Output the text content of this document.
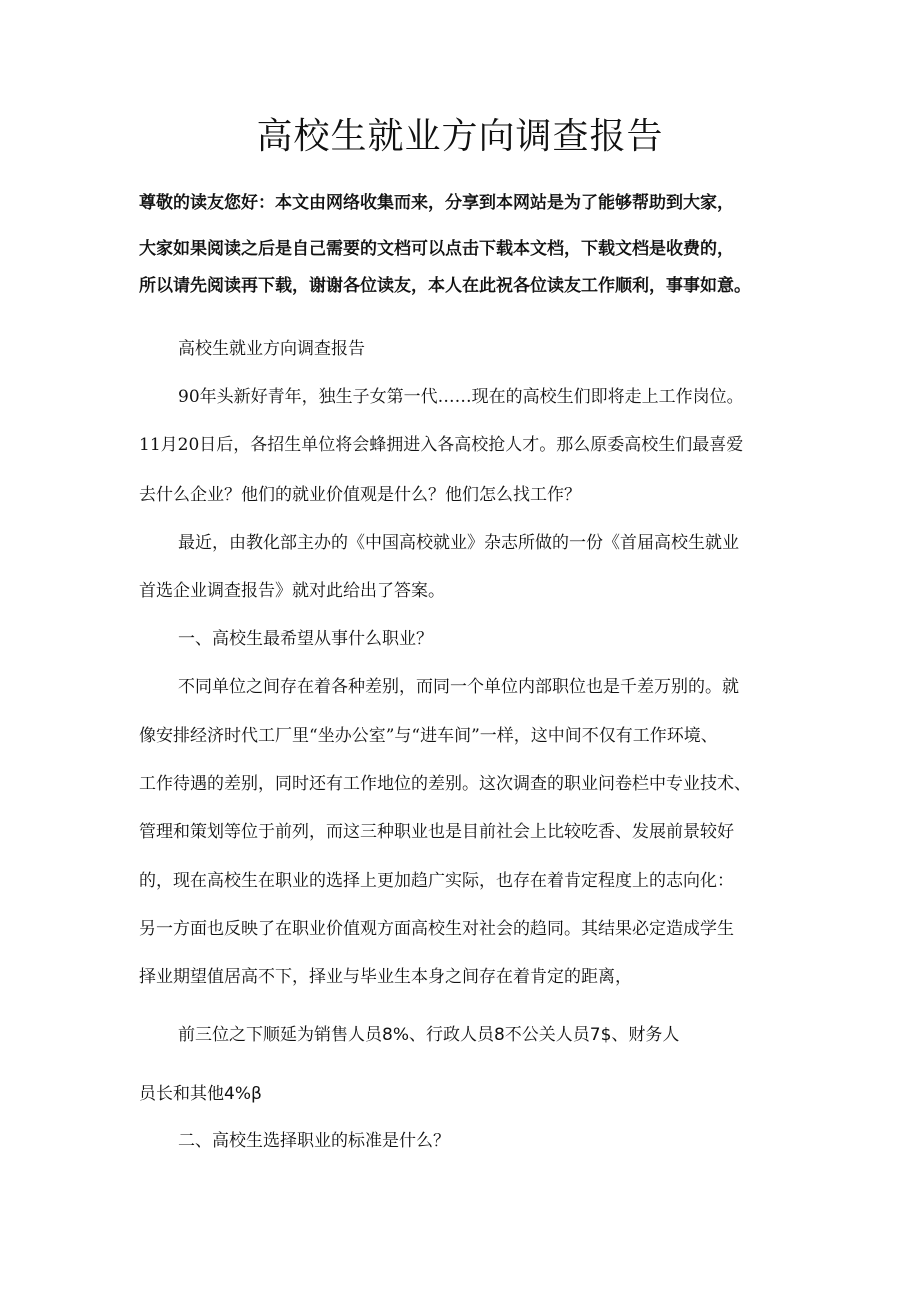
高校生就业方向调查报告

尊敬的读友您好：本文由网络收集而来，分享到本网站是为了能够帮助到大家，

大家如果阅读之后是自己需要的文档可以点击下载本文档，下载文档是收费的，

所以请先阅读再下载，谢谢各位读友，本人在此祝各位读友工作顺利，事事如意。

高校生就业方向调查报告

90年头新好青年，独生子女第一代……现在的高校生们即将走上工作岗位。

11月20日后，各招生单位将会蜂拥进入各高校抢人才。那么原委高校生们最喜爱

去什么企业？他们的就业价值观是什么？他们怎么找工作？

最近，由教化部主办的《中国高校就业》杂志所做的一份《首届高校生就业

首选企业调查报告》就对此给出了答案。

一、高校生最希望从事什么职业？

不同单位之间存在着各种差别，而同一个单位内部职位也是千差万别的。就

像安排经济时代工厂里“坐办公室”与“进车间”一样，这中间不仅有工作环境、

工作待遇的差别，同时还有工作地位的差别。这次调查的职业问卷栏中专业技术、

管理和策划等位于前列，而这三种职业也是目前社会上比较吃香、发展前景较好

的，现在高校生在职业的选择上更加趋广实际，也存在着肯定程度上的志向化：

另一方面也反映了在职业价值观方面高校生对社会的趋同。其结果必定造成学生

择业期望值居高不下，择业与毕业生本身之间存在着肯定的距离，

前三位之下顺延为销售人员8%、行政人员8不公关人员7$、财务人

员长和其他4%β

二、高校生选择职业的标准是什么？
